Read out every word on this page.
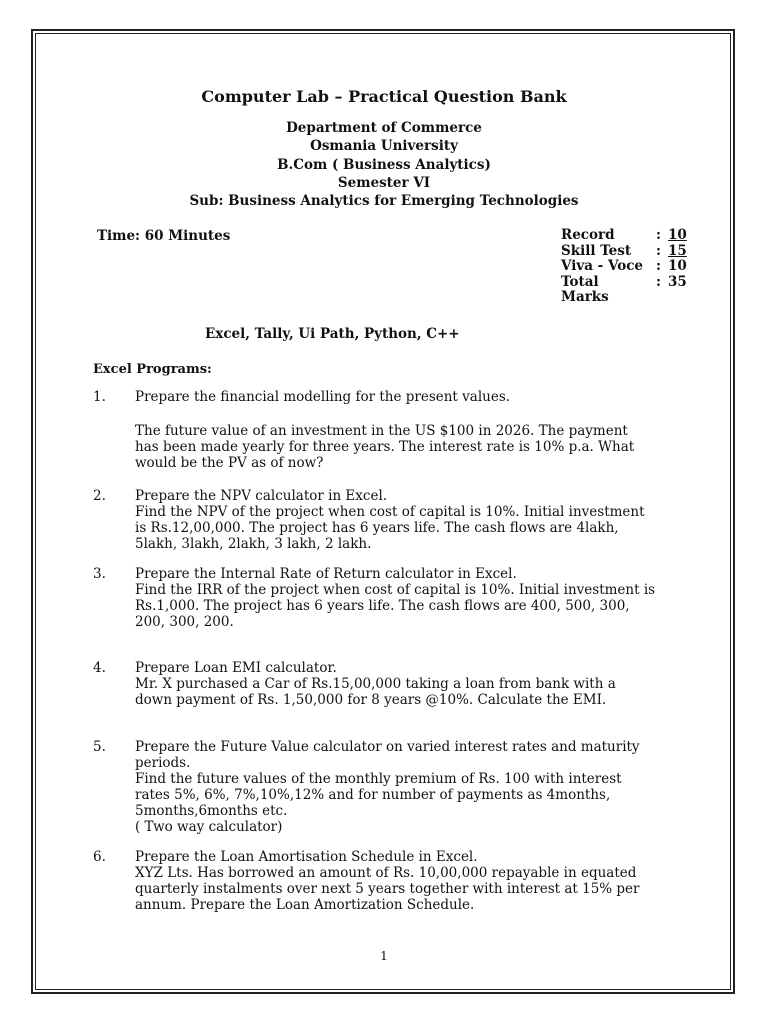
Computer Lab – Practical Question Bank
Department of Commerce
Osmania University
B.Com ( Business Analytics)
Semester VI
Sub: Business Analytics for Emerging Technologies
Time: 60 Minutes	Record	: 10
Skill Test	: 15
Viva - Voce : 10
Total	: 35
Marks
Excel, Tally, Ui Path, Python, C++
Excel Programs:
1. Prepare the financial modelling for the present values.
The future value of an investment in the US $100 in 2026. The payment
has been made yearly for three years. The interest rate is 10% p.a. What
would be the PV as of now?
2. Prepare the NPV calculator in Excel.
Find the NPV of the project when cost of capital is 10%. Initial investment
is Rs.12,00,000. The project has 6 years life. The cash flows are 4lakh,
5lakh, 3lakh, 2lakh, 3 lakh, 2 lakh.
3. Prepare the Internal Rate of Return calculator in Excel.
Find the IRR of the project when cost of capital is 10%. Initial investment is
Rs.1,000. The project has 6 years life. The cash flows are 400, 500, 300,
200, 300, 200.
4. Prepare Loan EMI calculator.
Mr. X purchased a Car of Rs.15,00,000 taking a loan from bank with a
down payment of Rs. 1,50,000 for 8 years @10%. Calculate the EMI.
5. Prepare the Future Value calculator on varied interest rates and maturity
periods.
Find the future values of the monthly premium of Rs. 100 with interest
rates 5%, 6%, 7%,10%,12% and for number of payments as 4months,
5months,6months etc.
( Two way calculator)
6. Prepare the Loan Amortisation Schedule in Excel.
XYZ Lts. Has borrowed an amount of Rs. 10,00,000 repayable in equated
quarterly instalments over next 5 years together with interest at 15% per
annum. Prepare the Loan Amortization Schedule.
1
